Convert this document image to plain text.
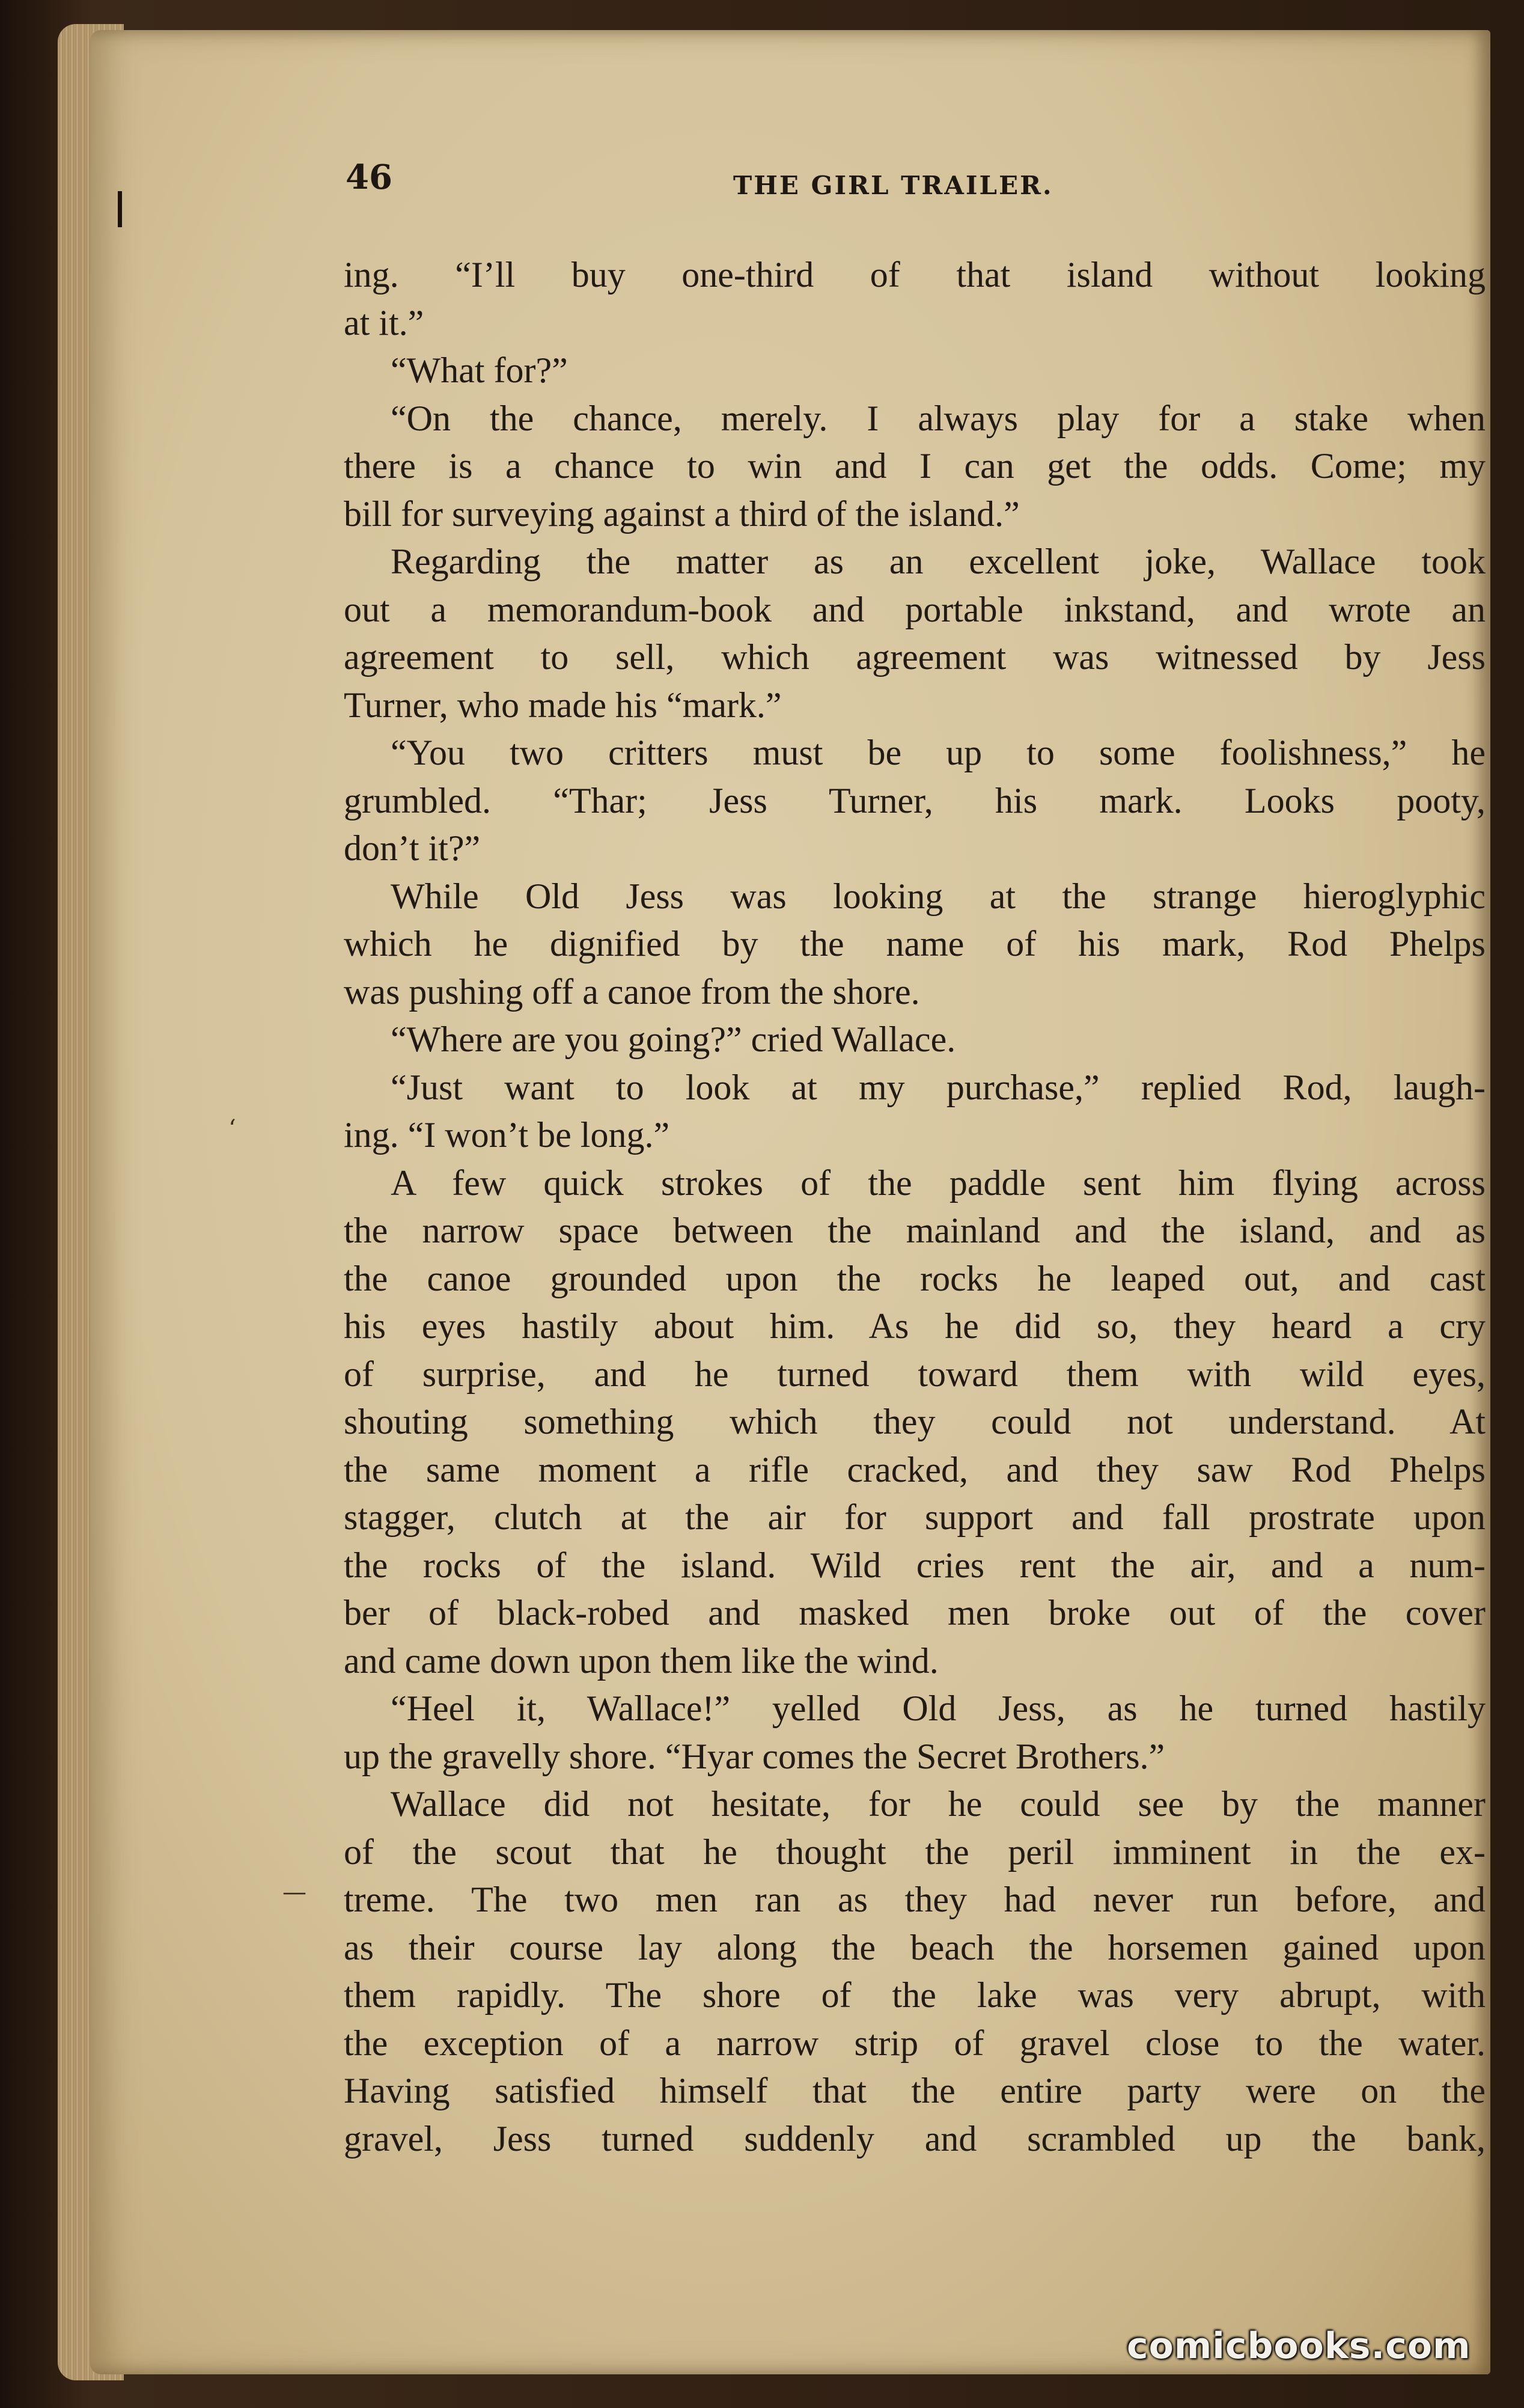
‘
—
46	THE GIRL TRAILER.
ing. “I’ll buy one-third of that island without looking
at it.”
“What for?”
“On the chance, merely. I always play for a stake when
there is a chance to win and I can get the odds. Come; my
bill for surveying against a third of the island.”
Regarding the matter as an excellent joke, Wallace took
out a memorandum-book and portable inkstand, and wrote an
agreement to sell, which agreement was witnessed by Jess
Turner, who made his “mark.”
“You two critters must be up to some foolishness,” he
grumbled. “Thar; Jess Turner, his mark. Looks pooty,
don’t it?”
While Old Jess was looking at the strange hieroglyphic
which he dignified by the name of his mark, Rod Phelps
was pushing off a canoe from the shore.
“Where are you going?” cried Wallace.
“Just want to look at my purchase,” replied Rod, laugh-
ing. “I won’t be long.”
A few quick strokes of the paddle sent him flying across
the narrow space between the mainland and the island, and as
the canoe grounded upon the rocks he leaped out, and cast
his eyes hastily about him. As he did so, they heard a cry
of surprise, and he turned toward them with wild eyes,
shouting something which they could not understand. At
the same moment a rifle cracked, and they saw Rod Phelps
stagger, clutch at the air for support and fall prostrate upon
the rocks of the island. Wild cries rent the air, and a num-
ber of black-robed and masked men broke out of the cover
and came down upon them like the wind.
“Heel it, Wallace!” yelled Old Jess, as he turned hastily
up the gravelly shore. “Hyar comes the Secret Brothers.”
Wallace did not hesitate, for he could see by the manner
of the scout that he thought the peril imminent in the ex-
treme. The two men ran as they had never run before, and
as their course lay along the beach the horsemen gained upon
them rapidly. The shore of the lake was very abrupt, with
the exception of a narrow strip of gravel close to the water.
Having satisfied himself that the entire party were on the
gravel, Jess turned suddenly and scrambled up the bank,
comicbooks.com
